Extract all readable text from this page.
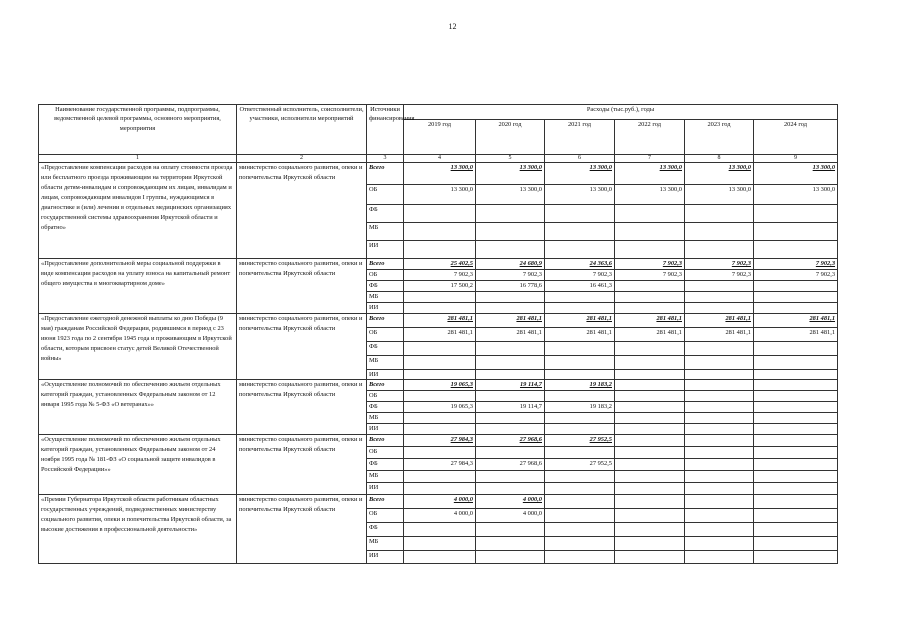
12
Наименование государственной программы, подпрограммы, ведомственной целевой программы, основного мероприятия, мероприятия	Ответственный исполнитель, соисполнители, участники, исполнители мероприятий	Источники финансирования	Расходы (тыс.руб.), годы					
			2019 год	2020 год	2021 год	2022 год	2023 год	2024 год
1	2	3	4	5	6	7	8	9
«Предоставление компенсации расходов на оплату стоимости проезда или бесплатного проезда проживающим на территории Иркутской области детям-инвалидам и сопровождающим их лицам, инвалидам и лицам, сопровождающим инвалидов I группы, нуждающимся в диагностике и (или) лечении в отдельных медицинских организациях государственной системы здравоохранения Иркутской области и обратно»	министерство социального развития, опеки и попечительства Иркутской области	Всего	13 300,0	13 300,0	13 300,0	13 300,0	13 300,0	13 300,0
		ОБ	13 300,0	13 300,0	13 300,0	13 300,0	13 300,0	13 300,0
		ФБ						
		МБ						
		ИИ						
«Предоставление дополнительной меры социальной поддержки в виде компенсации расходов на уплату взноса на капитальный ремонт общего имущества в многоквартирном доме»	министерство социального развития, опеки и попечительства Иркутской области	Всего	25 402,5	24 680,9	24 363,6	7 902,3	7 902,3	7 902,3
		ОБ	7 902,3	7 902,3	7 902,3	7 902,3	7 902,3	7 902,3
		ФБ	17 500,2	16 778,6	16 461,3			
		МБ						
		ИИ						
«Предоставление ежегодной денежной выплаты ко дню Победы (9 мая) гражданам Российской Федерации, родившимся в период с 23 июня 1923 года по 2 сентября 1945 года и проживающим в Иркутской области, которым присвоен статус детей Великой Отечественной войны»	министерство социального развития, опеки и попечительства Иркутской области	Всего	281 481,1	281 481,1	281 481,1	281 481,1	281 481,1	281 481,1
		ОБ	281 481,1	281 481,1	281 481,1	281 481,1	281 481,1	281 481,1
		ФБ						
		МБ						
		ИИ						
«Осуществление полномочий по обеспечению жильем отдельных категорий граждан, установленных Федеральным законом от 12 января 1995 года № 5-ФЗ «О ветеранах»»	министерство социального развития, опеки и попечительства Иркутской области	Всего	19 065,3	19 114,7	19 183,2			
		ОБ						
		ФБ	19 065,3	19 114,7	19 183,2			
		МБ						
		ИИ						
«Осуществление полномочий по обеспечению жильем отдельных категорий граждан, установленных Федеральным законом от 24 ноября 1995 года № 181-ФЗ «О социальной защите инвалидов в Российской Федерации»»	министерство социального развития, опеки и попечительства Иркутской области	Всего	27 984,3	27 968,6	27 952,5			
		ОБ						
		ФБ	27 984,3	27 968,6	27 952,5			
		МБ						
		ИИ						
«Премии Губернатора Иркутской области работникам областных государственных учреждений, подведомственных министерству социального развития, опеки и попечительства Иркутской области, за высокие достижения в профессиональной деятельности»	министерство социального развития, опеки и попечительства Иркутской области	Всего	4 000,0	4 000,0				
		ОБ	4 000,0	4 000,0				
		ФБ						
		МБ						
		ИИ						
